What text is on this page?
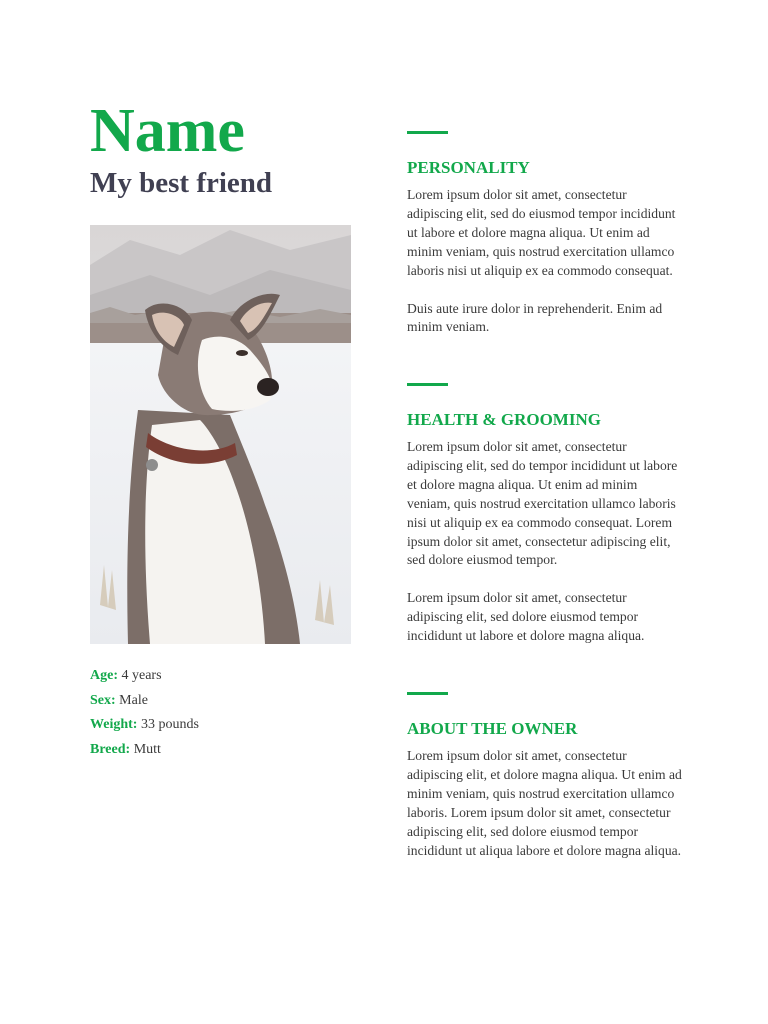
Name
My best friend
Age: 4 years
Sex: Male
Weight: 33 pounds
Breed: Mutt
PERSONALITY

Lorem ipsum dolor sit amet, consectetur adipiscing elit, sed do eiusmod tempor incididunt ut labore et dolore magna aliqua. Ut enim ad minim veniam, quis nostrud exercitation ullamco laboris nisi ut aliquip ex ea commodo consequat.

Duis aute irure dolor in reprehenderit. Enim ad minim veniam.

HEALTH & GROOMING

Lorem ipsum dolor sit amet, consectetur adipiscing elit, sed do tempor incididunt ut labore et dolore magna aliqua. Ut enim ad minim veniam, quis nostrud exercitation ullamco laboris nisi ut aliquip ex ea commodo consequat. Lorem ipsum dolor sit amet, consectetur adipiscing elit, sed dolore eiusmod tempor.

Lorem ipsum dolor sit amet, consectetur adipiscing elit, sed dolore eiusmod tempor incididunt ut labore et dolore magna aliqua.

ABOUT THE OWNER

Lorem ipsum dolor sit amet, consectetur adipiscing elit, et dolore magna aliqua. Ut enim ad minim veniam, quis nostrud exercitation ullamco laboris. Lorem ipsum dolor sit amet, consectetur adipiscing elit, sed dolore eiusmod tempor incididunt ut aliqua labore et dolore magna aliqua.
